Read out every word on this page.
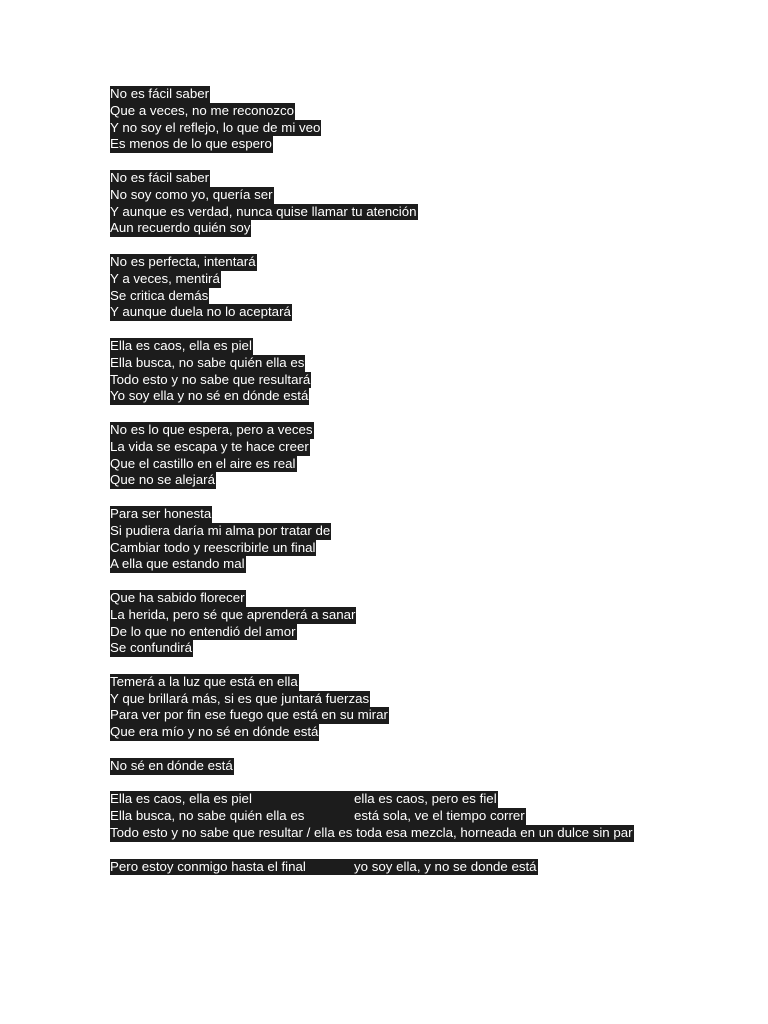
No es fácil saber
Que a veces, no me reconozco
Y no soy el reflejo, lo que de mi veo
Es menos de lo que espero
No es fácil saber
No soy como yo, quería ser
Y aunque es verdad, nunca quise llamar tu atención
Aun recuerdo quién soy
No es perfecta, intentará
Y a veces, mentirá
Se critica demás
Y aunque duela no lo aceptará
Ella es caos, ella es piel
Ella busca, no sabe quién ella es
Todo esto y no sabe que resultará
Yo soy ella y no sé en dónde está
No es lo que espera, pero a veces
La vida se escapa y te hace creer
Que el castillo en el aire es real
Que no se alejará
Para ser honesta
Si pudiera daría mi alma por tratar de
Cambiar todo y reescribirle un final
A ella que estando mal
Que ha sabido florecer
La herida, pero sé que aprenderá a sanar
De lo que no entendió del amor
Se confundirá
Temerá a la luz que está en ella
Y que brillará más, si es que juntará fuerzas
Para ver por fin ese fuego que está en su mirar
Que era mío y no sé en dónde está
No sé en dónde está
Ella es caos, ella es piel	ella es caos, pero es fiel
Ella busca, no sabe quién ella es	está sola, ve el tiempo correr
Todo esto y no sabe que resultar / ella es toda esa mezcla, horneada en un dulce sin par
Pero estoy conmigo hasta el final	yo soy ella, y no se donde está
